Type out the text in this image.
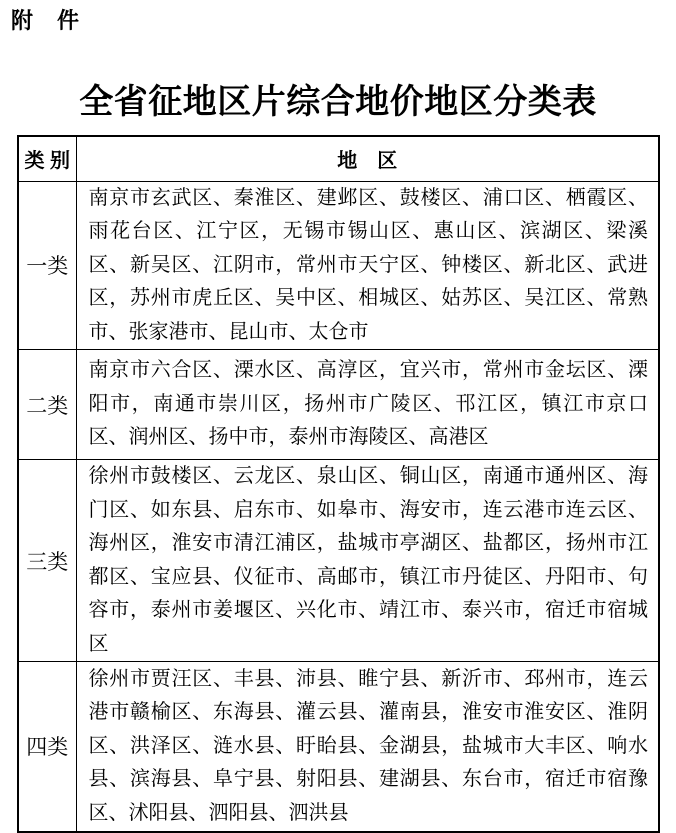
附　件
全省征地区片综合地价地区分类表
类 别	地　区
一类	南京市玄武区、秦淮区、建邺区、鼓楼区、浦口区、栖霞区、雨花台区、江宁区，无锡市锡山区、惠山区、滨湖区、梁溪区、新吴区、江阴市，常州市天宁区、钟楼区、新北区、武进区，苏州市虎丘区、吴中区、相城区、姑苏区、吴江区、常熟市、张家港市、昆山市、太仓市
二类	南京市六合区、溧水区、高淳区，宜兴市，常州市金坛区、溧阳市，南通市崇川区，扬州市广陵区、邗江区，镇江市京口区、润州区、扬中市，泰州市海陵区、高港区
三类	徐州市鼓楼区、云龙区、泉山区、铜山区，南通市通州区、海门区、如东县、启东市、如皋市、海安市，连云港市连云区、海州区，淮安市清江浦区，盐城市亭湖区、盐都区，扬州市江都区、宝应县、仪征市、高邮市，镇江市丹徒区、丹阳市、句容市，泰州市姜堰区、兴化市、靖江市、泰兴市，宿迁市宿城区
四类	徐州市贾汪区、丰县、沛县、睢宁县、新沂市、邳州市，连云港市赣榆区、东海县、灌云县、灌南县，淮安市淮安区、淮阴区、洪泽区、涟水县、盱眙县、金湖县，盐城市大丰区、响水县、滨海县、阜宁县、射阳县、建湖县、东台市，宿迁市宿豫区、沭阳县、泗阳县、泗洪县
